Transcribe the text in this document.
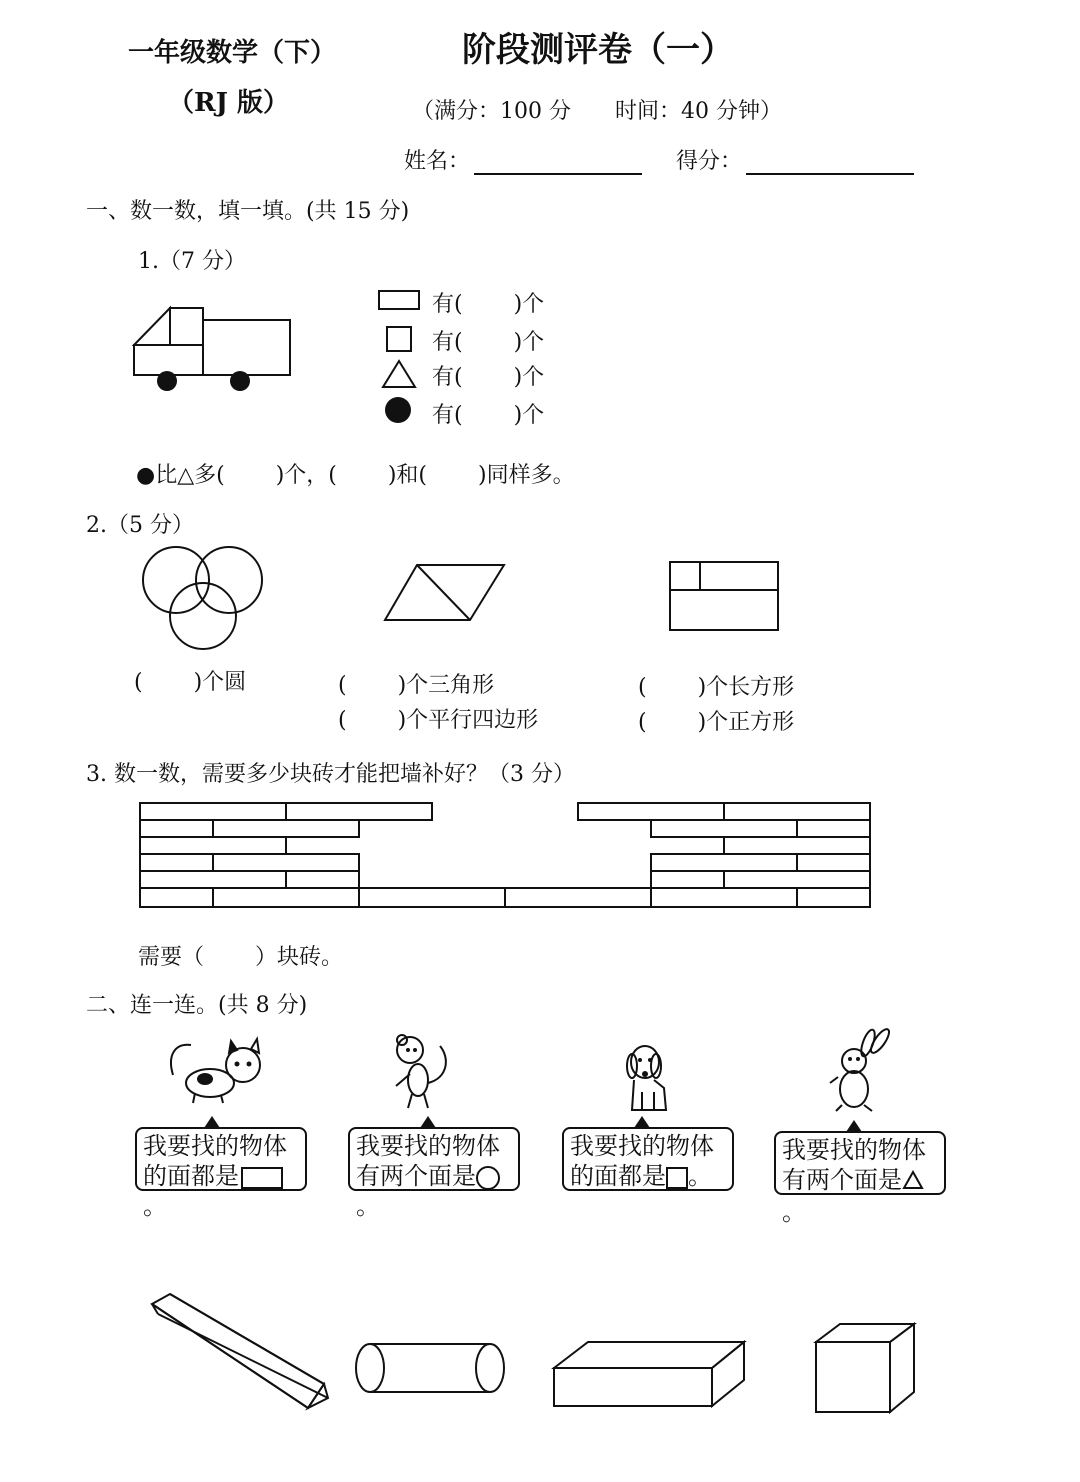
一年级数学（下）
（RJ 版）
阶段测评卷（一）
（满分：100 分　　时间：40 分钟）
姓名：	得分：
一、数一数，填一填。(共 15 分)
1.（7 分）
有(　　 )个
有(　　 )个
有(　　 )个
有(　　 )个
●比△多(　　 )个，(　　 )和(　　 )同样多。
2.（5 分）
(　　 )个圆	(　　 )个三角形
(　　 )个平行四边形
(　　 )个长方形
(　　 )个正方形
3. 数一数，需要多少块砖才能把墙补好？（3 分）
需要（　　 ）块砖。
二、连一连。(共 8 分)
我要找的物体
的面都是。
我要找的物体
有两个面是。
我要找的物体
的面都是 。
我要找的物体
有两个面是。
